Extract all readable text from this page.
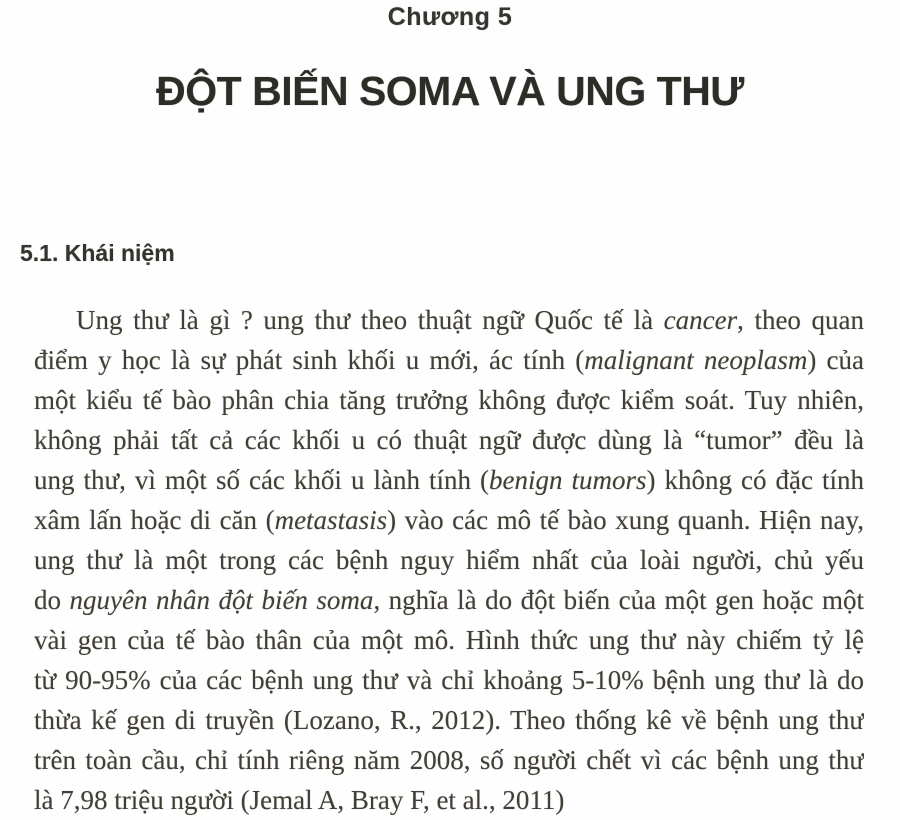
Chương 5
ĐỘT BIẾN SOMA VÀ UNG THƯ
5.1. Khái niệm
Ung thư là gì ? ung thư theo thuật ngữ Quốc tế là cancer, theo quan
điểm y học là sự phát sinh khối u mới, ác tính (malignant neoplasm) của
một kiểu tế bào phân chia tăng trưởng không được kiểm soát. Tuy nhiên,
không phải tất cả các khối u có thuật ngữ được dùng là “tumor” đều là
ung thư, vì một số các khối u lành tính (benign tumors) không có đặc tính
xâm lấn hoặc di căn (metastasis) vào các mô tế bào xung quanh. Hiện nay,
ung thư là một trong các bệnh nguy hiểm nhất của loài người, chủ yếu
do nguyên nhân đột biến soma, nghĩa là do đột biến của một gen hoặc một
vài gen của tế bào thân của một mô. Hình thức ung thư này chiếm tỷ lệ
từ 90-95% của các bệnh ung thư và chỉ khoảng 5-10% bệnh ung thư là do
thừa kế gen di truyền (Lozano, R., 2012). Theo thống kê về bệnh ung thư
trên toàn cầu, chỉ tính riêng năm 2008, số người chết vì các bệnh ung thư
là 7,98 triệu người (Jemal A, Bray F, et al., 2011)
